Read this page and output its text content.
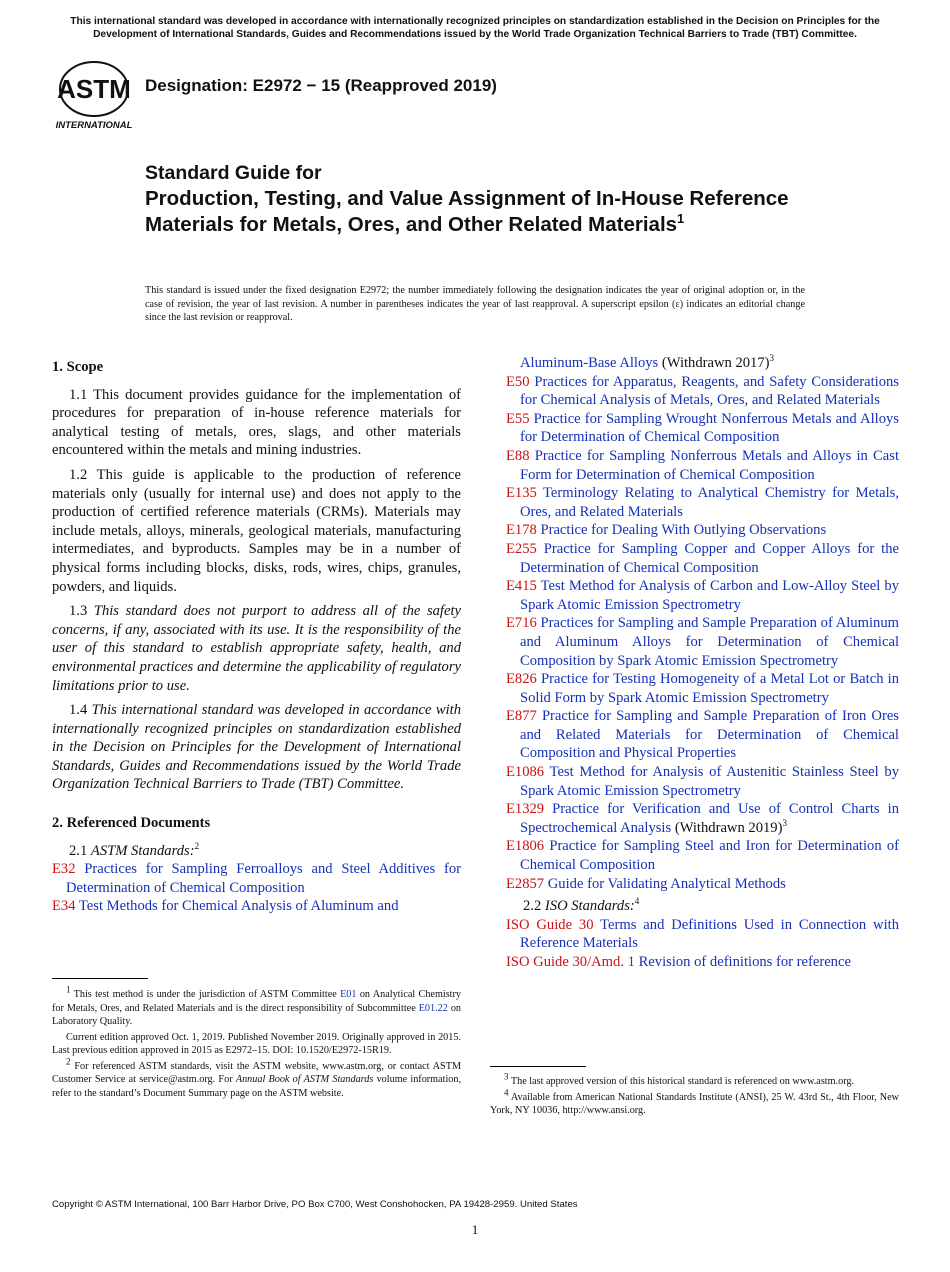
This international standard was developed in accordance with internationally recognized principles on standardization established in the Decision on Principles for the Development of International Standards, Guides and Recommendations issued by the World Trade Organization Technical Barriers to Trade (TBT) Committee.
ASTM
INTERNATIONAL
Designation: E2972 − 15 (Reapproved 2019)
Standard Guide for
Production, Testing, and Value Assignment of In-House Reference Materials for Metals, Ores, and Other Related Materials$^1$
This standard is issued under the fixed designation E2972; the number immediately following the designation indicates the year of original adoption or, in the case of revision, the year of last revision. A number in parentheses indicates the year of last reapproval. A superscript epsilon (ε) indicates an editorial change since the last revision or reapproval.
1. Scope

1.1 This document provides guidance for the implementation of procedures for preparation of in-house reference materials for analytical testing of metals, ores, slags, and other materials encountered within the metals and mining industries.

1.2 This guide is applicable to the production of reference materials only (usually for internal use) and does not apply to the production of certified reference materials (CRMs). Materials may include metals, alloys, minerals, geological materials, manufacturing intermediates, and byproducts. Samples may be in a number of physical forms including blocks, disks, rods, wires, chips, granules, powders, and liquids.

1.3 This standard does not purport to address all of the safety concerns, if any, associated with its use. It is the responsibility of the user of this standard to establish appropriate safety, health, and environmental practices and determine the applicability of regulatory limitations prior to use.

1.4 This international standard was developed in accordance with internationally recognized principles on standardization established in the Decision on Principles for the Development of International Standards, Guides and Recommendations issued by the World Trade Organization Technical Barriers to Trade (TBT) Committee.

2. Referenced Documents
2.1 ASTM Standards:$^2$
E32 Practices for Sampling Ferroalloys and Steel Additives for Determination of Chemical Composition
E34 Test Methods for Chemical Analysis of Aluminum and

$^1$ This test method is under the jurisdiction of ASTM Committee E01 on Analytical Chemistry for Metals, Ores, and Related Materials and is the direct responsibility of Subcommittee E01.22 on Laboratory Quality.

Current edition approved Oct. 1, 2019. Published November 2019. Originally approved in 2015. Last previous edition approved in 2015 as E2972–15. DOI: 10.1520/E2972-15R19.

$^2$ For referenced ASTM standards, visit the ASTM website, www.astm.org, or contact ASTM Customer Service at service@astm.org. For Annual Book of ASTM Standards volume information, refer to the standard’s Document Summary page on the ASTM website.

Aluminum-Base Alloys (Withdrawn 2017)$^3$
E50 Practices for Apparatus, Reagents, and Safety Considerations for Chemical Analysis of Metals, Ores, and Related Materials
E55 Practice for Sampling Wrought Nonferrous Metals and Alloys for Determination of Chemical Composition
E88 Practice for Sampling Nonferrous Metals and Alloys in Cast Form for Determination of Chemical Composition
E135 Terminology Relating to Analytical Chemistry for Metals, Ores, and Related Materials
E178 Practice for Dealing With Outlying Observations
E255 Practice for Sampling Copper and Copper Alloys for the Determination of Chemical Composition
E415 Test Method for Analysis of Carbon and Low-Alloy Steel by Spark Atomic Emission Spectrometry
E716 Practices for Sampling and Sample Preparation of Aluminum and Aluminum Alloys for Determination of Chemical Composition by Spark Atomic Emission Spectrometry
E826 Practice for Testing Homogeneity of a Metal Lot or Batch in Solid Form by Spark Atomic Emission Spectrometry
E877 Practice for Sampling and Sample Preparation of Iron Ores and Related Materials for Determination of Chemical Composition and Physical Properties
E1086 Test Method for Analysis of Austenitic Stainless Steel by Spark Atomic Emission Spectrometry
E1329 Practice for Verification and Use of Control Charts in Spectrochemical Analysis (Withdrawn 2019)$^3$
E1806 Practice for Sampling Steel and Iron for Determination of Chemical Composition
E2857 Guide for Validating Analytical Methods
2.2 ISO Standards:$^4$
ISO Guide 30 Terms and Definitions Used in Connection with Reference Materials
ISO Guide 30/Amd. 1 Revision of definitions for reference

$^3$ The last approved version of this historical standard is referenced on www.astm.org.

$^4$ Available from American National Standards Institute (ANSI), 25 W. 43rd St., 4th Floor, New York, NY 10036, http://www.ansi.org.

Copyright © ASTM International, 100 Barr Harbor Drive, PO Box C700, West Conshohocken, PA 19428-2959. United States
1
